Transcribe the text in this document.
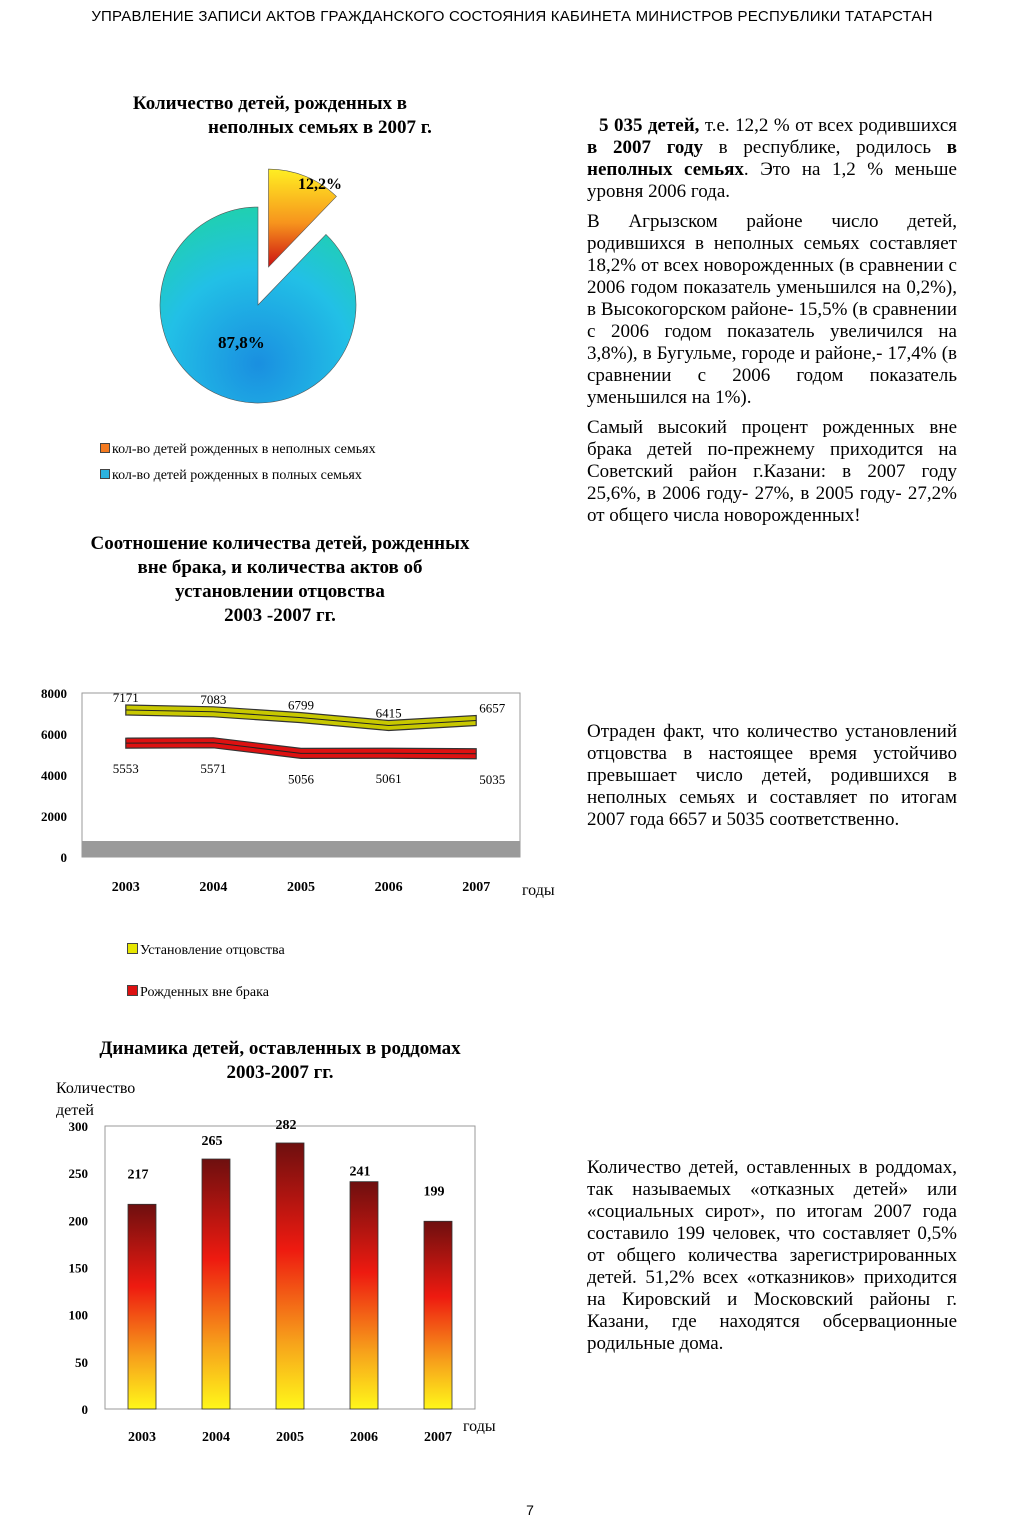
УПРАВЛЕНИЕ ЗАПИСИ АКТОВ ГРАЖДАНСКОГО СОСТОЯНИЯ КАБИНЕТА МИНИСТРОВ РЕСПУБЛИКИ ТАТАРСТАН
Количество детей, рожденных в
неполных семьях в 2007 г.
12,2%
87,8%
кол-во детей рожденных в неполных семьях
кол-во детей рожденных в полных семьях
Соотношение количества детей, рожденных
вне брака, и количества актов об
установлении отцовства
2003 -2007 гг.
0
2000
4000
6000
8000
2003	2004	2005	2006	2007 годы
7171	7083	6799
6415	6657
5553	5571
5056	5061	5035
Установление отцовства
Рожденных вне брака
Динамика детей, оставленных в роддомах
2003-2007 гг.
Количество
детей
0
50
100
150
200
250
300
217
2003
265
2004
282
2005
241
2006
199
2007
годы

5 035 детей, т.е. 12,2 % от всех родившихся в 2007 году в республике, родилось в неполных семьях. Это на 1,2 % меньше уровня 2006 года.

В Агрызском районе число детей, родившихся в неполных семьях составляет 18,2% от всех новорожденных (в сравнении с 2006 годом показатель уменьшился на 0,2%), в Высокогорском районе- 15,5% (в сравнении с 2006 годом показатель увеличился на 3,8%), в Бугульме, городе и районе,- 17,4% (в сравнении с 2006 годом показатель уменьшился на 1%).

Самый высокий процент рожденных вне брака детей по-прежнему приходится на Советский район г.Казани: в 2007 году 25,6%, в 2006 году- 27%, в 2005 году- 27,2% от общего числа новорожденных!

Отраден факт, что количество установлений отцовства в настоящее время устойчиво превышает число детей, родившихся в неполных семьях и составляет по итогам 2007 года 6657 и 5035 соответственно.
Количество детей, оставленных в роддомах, так называемых «отказных детей» или «социальных сирот», по итогам 2007 года составило 199 человек, что составляет 0,5% от общего количества зарегистрированных детей. 51,2% всех «отказников» приходится на Кировский и Московский районы г. Казани, где находятся обсервационные родильные дома.
7
